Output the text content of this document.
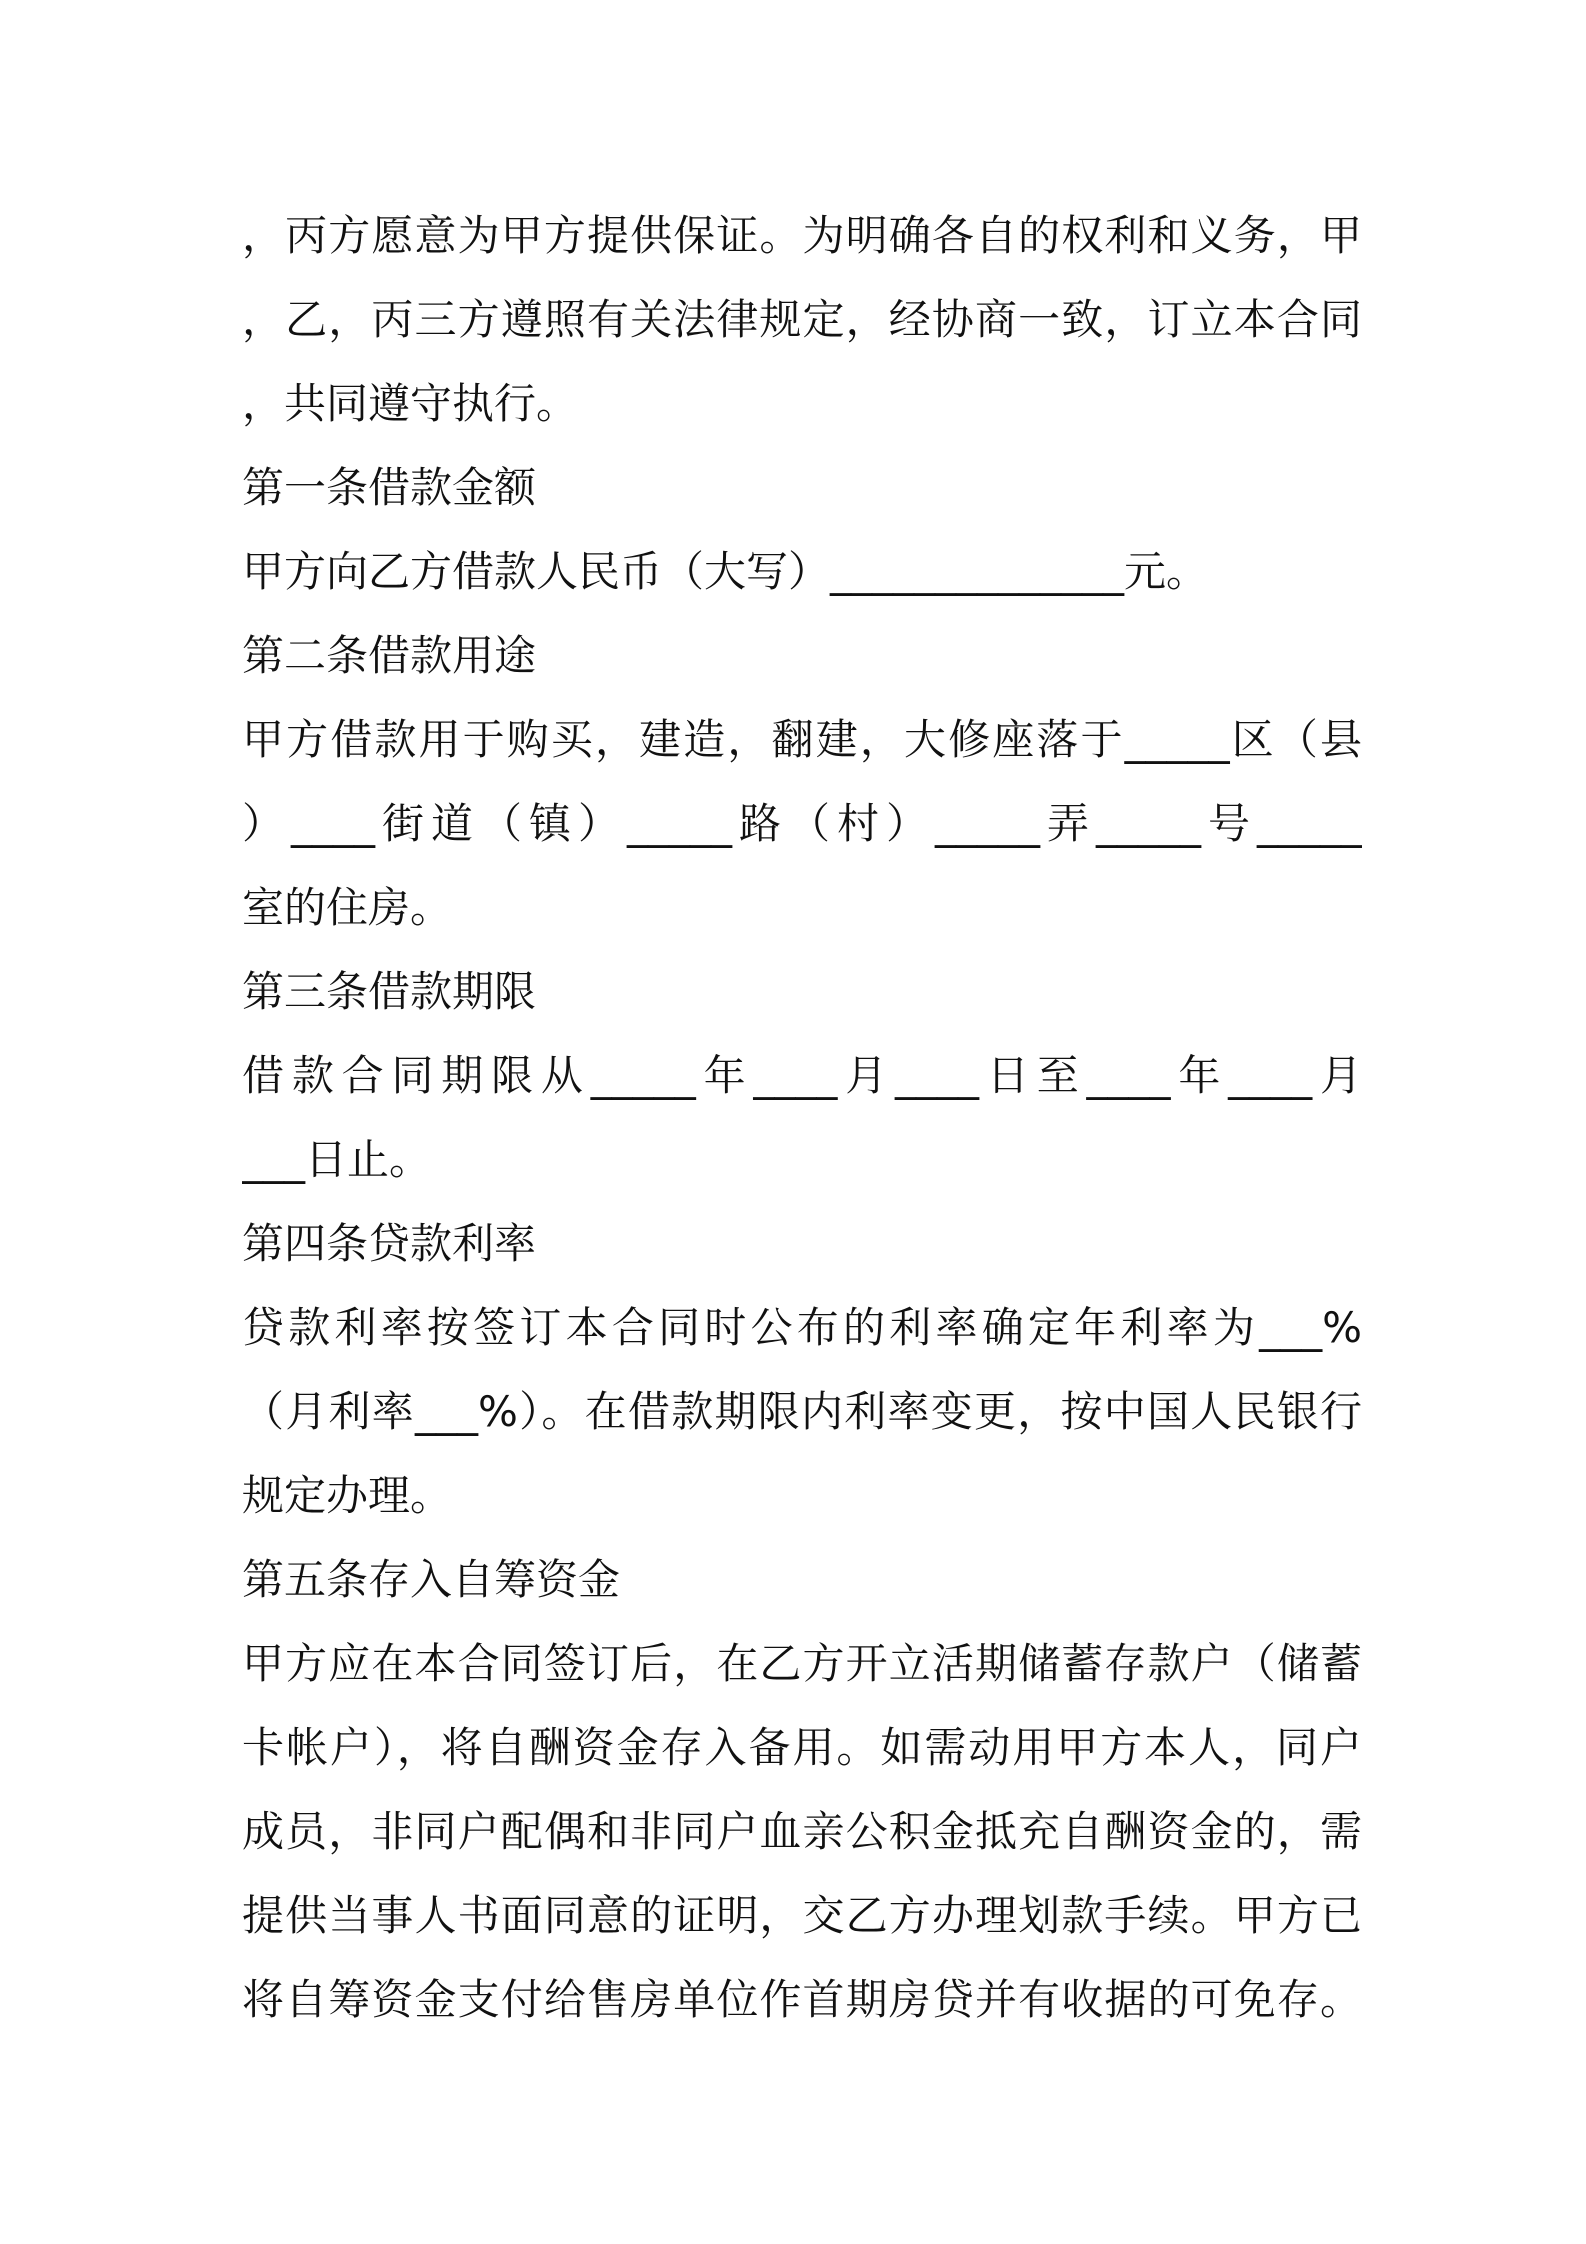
，丙方愿意为甲方提供保证。为明确各自的权利和义务，甲
，乙，丙三方遵照有关法律规定，经协商一致，订立本合同
，共同遵守执行。
第一条借款金额
甲方向乙方借款人民币（大写）______________元。
第二条借款用途
甲方借款用于购买，建造，翻建，大修座落于_____区（县
）____街道（镇）_____路（村）_____弄_____号_____
室的住房。
第三条借款期限
借款合同期限从_____年____月____日至____年____月
___日止。
第四条贷款利率
贷款利率按签订本合同时公布的利率确定年利率为___%
（月利率___%）。在借款期限内利率变更，按中国人民银行
规定办理。
第五条存入自筹资金
甲方应在本合同签订后，在乙方开立活期储蓄存款户（储蓄
卡帐户），将自酬资金存入备用。如需动用甲方本人，同户
成员，非同户配偶和非同户血亲公积金抵充自酬资金的，需
提供当事人书面同意的证明，交乙方办理划款手续。甲方已
将自筹资金支付给售房单位作首期房贷并有收据的可免存。
